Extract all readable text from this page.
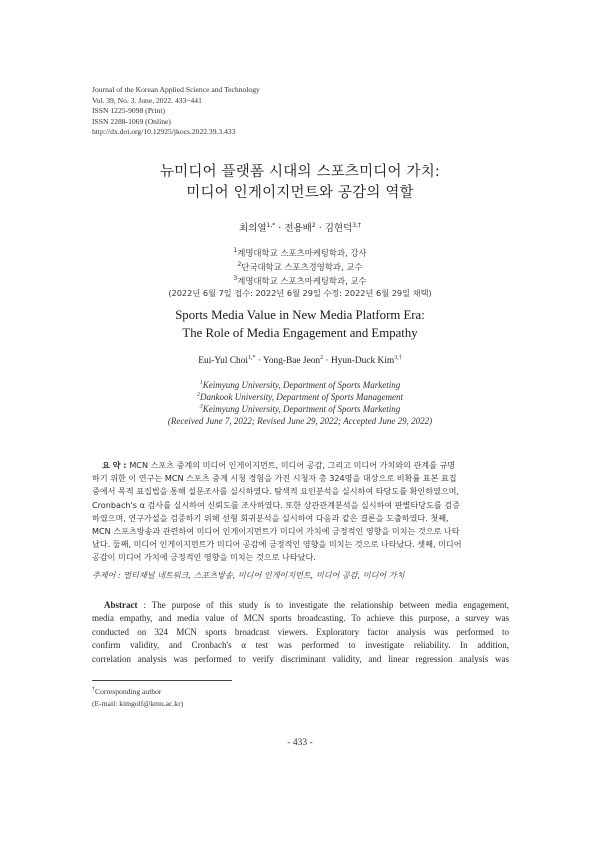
Journal of the Korean Applied Science and Technology
Vol. 39, No. 3. June, 2022. 433~441
ISSN 1225-9098 (Print)
ISSN 2288-1069 (Online)
http://dx.doi.org/10.12925/jkocs.2022.39.3.433
뉴미디어 플랫폼 시대의 스포츠미디어 가치:
미디어 인게이지먼트와 공감의 역할
최의열$^{1,*}$ · 전용배$^2$ · 김현덕$^{3,\dagger}$
$^1$계명대학교 스포츠마케팅학과, 강사
$^2$단국대학교 스포츠경영학과, 교수
$^3$계명대학교 스포츠마케팅학과, 교수
(2022년 6월 7일 접수: 2022년 6월 29일 수정: 2022년 6월 29일 채택)
Sports Media Value in New Media Platform Era:
The Role of Media Engagement and Empathy
Eui-Yul Choi$^{1,*}$ · Yong-Bae Jeon$^2$ · Hyun-Duck Kim$^{3,\dagger}$
$^1$Keimyung University, Department of Sports Marketing
$^2$Dankook University, Department of Sports Management
$^3$Keimyung University, Department of Sports Marketing
(Received June 7, 2022; Revised June 29, 2022; Accepted June 29, 2022)
요 약 : MCN 스포츠 중계의 미디어 인게이지먼트, 미디어 공감, 그리고 미디어 가치와의 관계를 규명
하기 위한 이 연구는 MCN 스포츠 중계 시청 경험을 가진 시청자 총 324명을 대상으로 비확률 표본 표집
중에서 목적 표집법을 통해 설문조사를 실시하였다. 탐색적 요인분석을 실시하여 타당도를 확인하였으며,
Cronbach's α 검사를 실시하여 신뢰도를 조사하였다. 또한 상관관계분석을 실시하여 판별타당도를 검증
하였으며, 연구가설을 검증하기 위해 선형 회귀분석을 실시하여 다음과 같은 결론을 도출하였다. 첫째,
MCN 스포츠방송과 관련하여 미디어 인게이지먼트가 미디어 가치에 긍정적인 영향을 미치는 것으로 나타
났다. 둘째, 미디어 인게이지먼트가 미디어 공감에 긍정적인 영향을 미치는 것으로 나타났다. 셋째, 미디어
공감이 미디어 가치에 긍정적인 영향을 미치는 것으로 나타났다.
주제어 : 멀티채널 네트워크, 스포츠방송, 미디어 인게이지먼트, 미디어 공감, 미디어 가치
Abstract : The purpose of this study is to investigate the relationship between media engagement,
media empathy, and media value of MCN sports broadcasting. To achieve this purpose, a survey was
conducted on 324 MCN sports broadcast viewers. Exploratory factor analysis was performed to
confirm validity, and Cronbach's α test was performed to investigate reliability. In addition,
correlation analysis was performed to verify discriminant validity, and linear regression analysis was
†Corresponding author
(E-mail: kimgolf@kmu.ac.kr)
- 433 -
